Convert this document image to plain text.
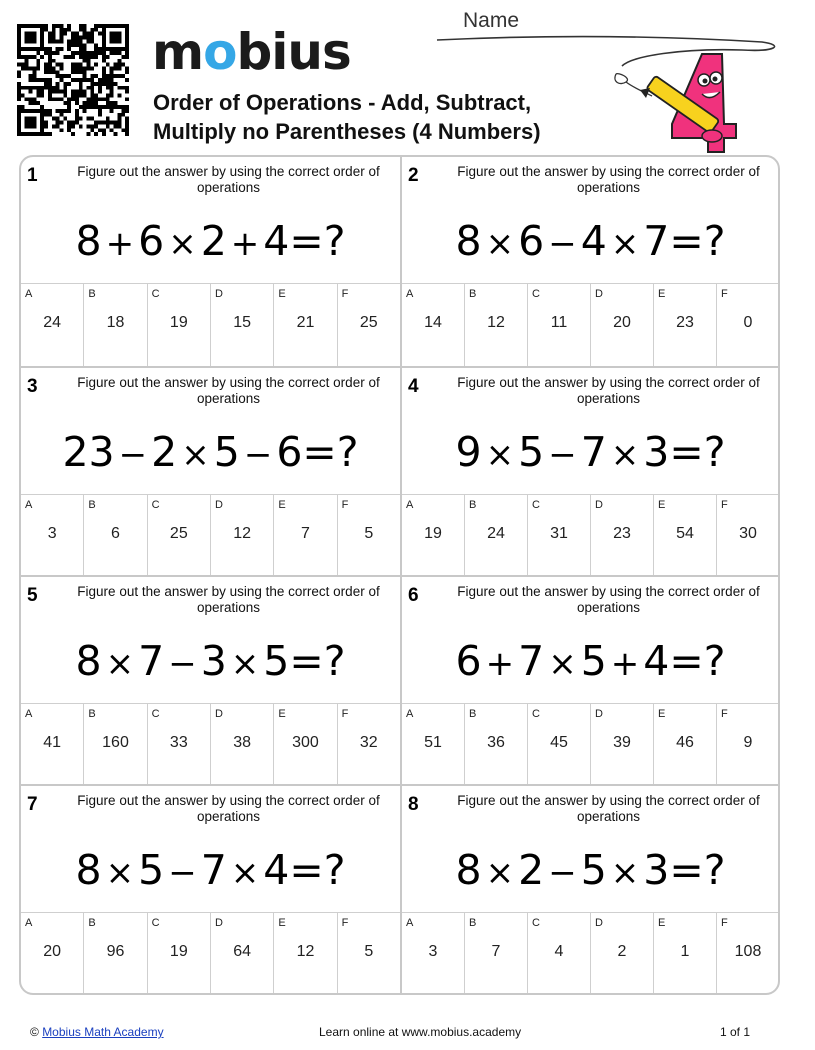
mobius
Order of Operations - Add, Subtract,
Multiply no Parentheses (4 Numbers)
Name
1	Figure out the answer by using the correct order of operations
8 +6 ×2 +4=?
A
24
B
18
C
19
D
15
E
21
F
25
2	Figure out the answer by using the correct order of operations
8 ×6 −4 ×7=?
A
14
B
12
C
11
D
20
E
23
F
0
3	Figure out the answer by using the correct order of operations
23 −2 ×5 −6=?
A
3
B
6
C
25
D
12
E
7
F
5
4	Figure out the answer by using the correct order of operations
9 ×5 −7 ×3=?
A
19
B
24
C
31
D
23
E
54
F
30
5	Figure out the answer by using the correct order of operations
8 ×7 −3 ×5=?
A
41
B
160
C
33
D
38
E
300
F
32
6	Figure out the answer by using the correct order of operations
6 +7 ×5 +4=?
A
51
B
36
C
45
D
39
E
46
F
9
7	Figure out the answer by using the correct order of operations
8 ×5 −7 ×4=?
A
20
B
96
C
19
D
64
E
12
F
5
8	Figure out the answer by using the correct order of operations
8 ×2 −5 ×3=?
A
3
B
7
C
4
D
2
E
1
F
108
© Mobius Math Academy	Learn online at www.mobius.academy	1 of 1
